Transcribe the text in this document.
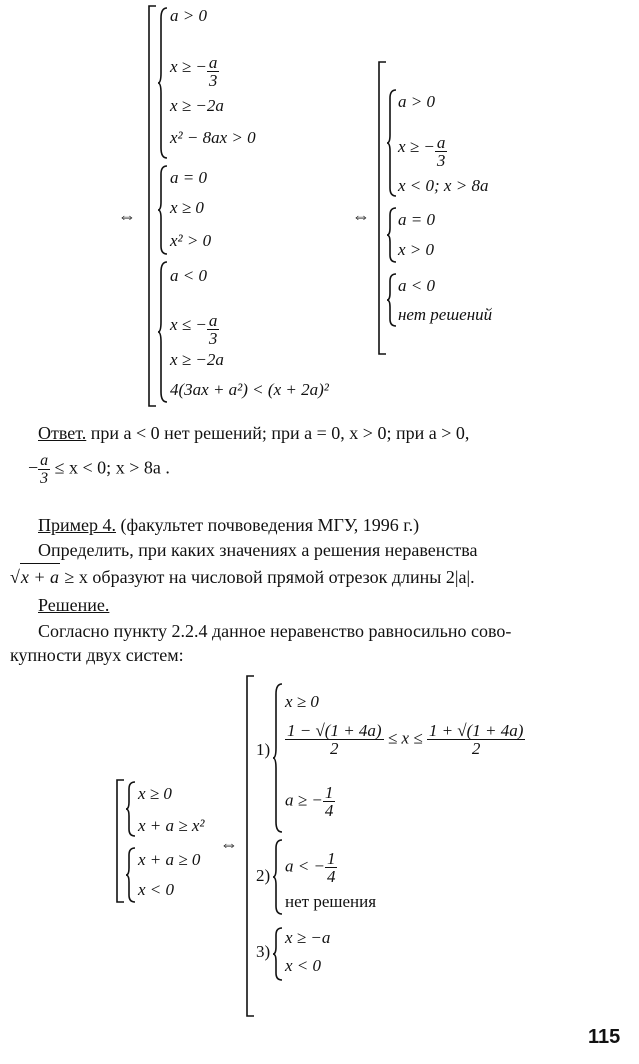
a > 0
x ≥ − $\frac{a}{3}$
x ≥ −2a
x² − 8ax > 0
⇔
a = 0
x ≥ 0
x² > 0
a < 0
x ≤ − $\frac{a}{3}$
x ≥ −2a
4(3ax + a²) < (x + 2a)²
⇔
a > 0
x ≥ − $\frac{a}{3}$
x < 0; x > 8a
a = 0
x > 0
a < 0
нет решений
Ответ. при a < 0 нет решений; при a = 0, x > 0; при a > 0,
− $\frac{a}{3} \le x < 0$; x > 8a .
Пример 4. (факультет почвоведения МГУ, 1996 г.)
Определить, при каких значениях a решения неравенства
√x + a ≥ x образуют на числовой прямой отрезок длины 2|a|.
Решение.
Согласно пункту 2.2.4 данное неравенство равносильно сово-
купности двух систем:
x ≥ 0
x + a ≥ x²
x + a ≥ 0
x < 0
⇔
1)
x ≥ 0
$\frac{1 - √(1 + 4a)}{2} \le x \le \frac{1 + √(1 + 4a)}{2}$
a ≥ − $\frac{1}{4}$
2)
a < − $\frac{1}{4}$
нет решения
3)
x ≥ −a
x < 0
115
